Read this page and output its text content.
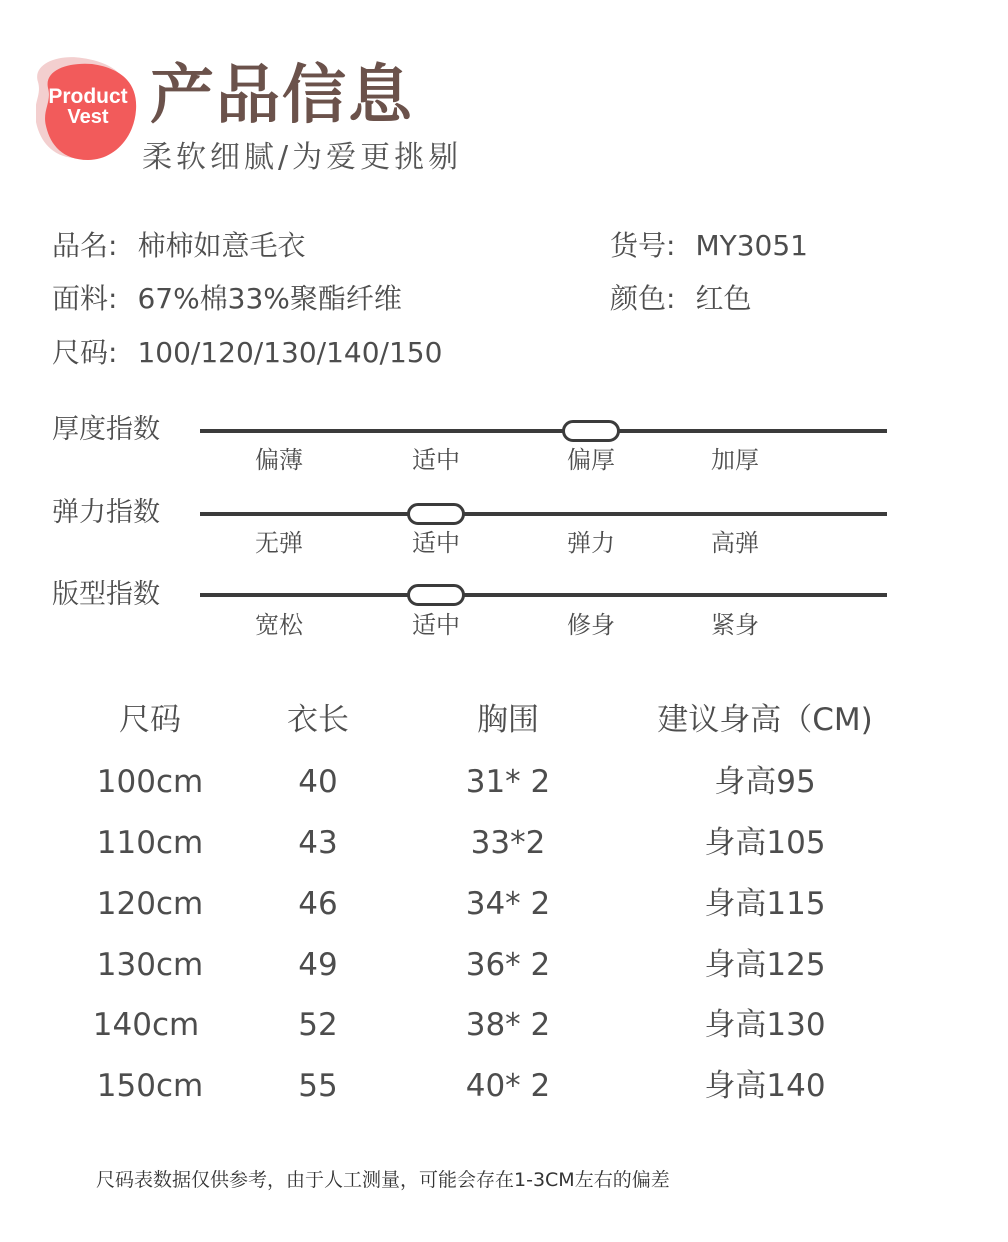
Product
Vest 产品信息
柔软细腻/为爱更挑剔
品名: 柿柿如意毛衣	货号: MY3051
面料: 67%棉33%聚酯纤维	颜色: 红色
尺码: 100/120/130/140/150
厚度指数
偏薄	适中	偏厚	加厚
弹力指数
无弹	适中	弹力	高弹
版型指数
宽松	适中	修身	紧身
尺码	衣长	胸围	建议身高（CM)
100cm	40	31* 2	身高95
110cm	43	33*2	身高105
120cm	46	34* 2	身高115
130cm	49	36* 2	身高125
140cm	52	38* 2	身高130
150cm	55	40* 2	身高140
尺码表数据仅供参考，由于人工测量，可能会存在1-3CM左右的偏差
